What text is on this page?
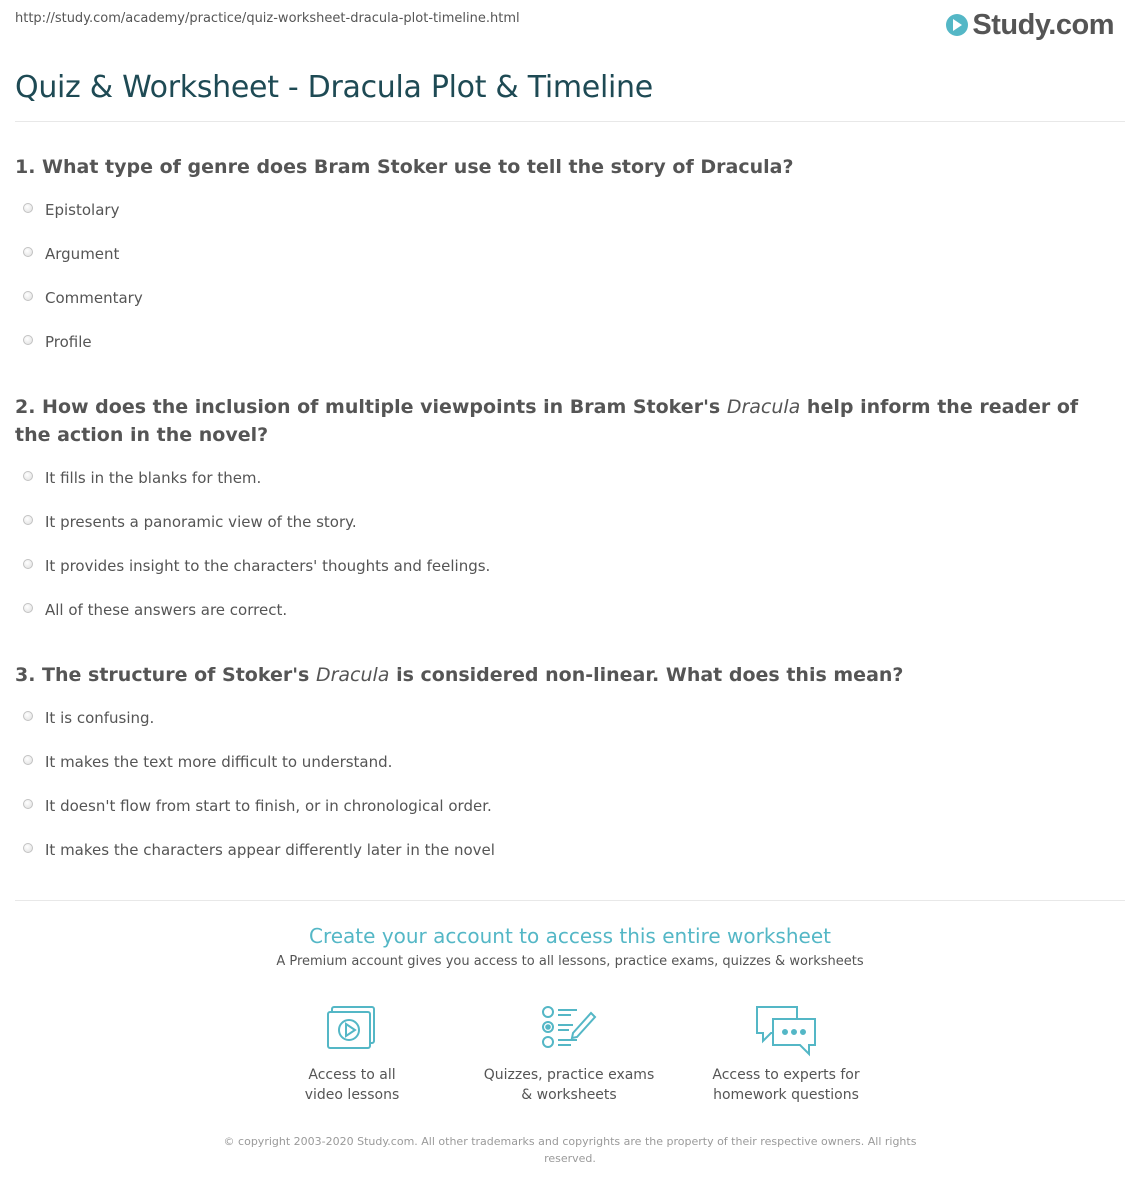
http://study.com/academy/practice/quiz-worksheet-dracula-plot-timeline.html	Study.com
Quiz & Worksheet - Dracula Plot & Timeline
1. What type of genre does Bram Stoker use to tell the story of Dracula?
Epistolary
Argument
Commentary
Profile
2. How does the inclusion of multiple viewpoints in Bram Stoker's Dracula help inform the reader of the action in the novel?
It fills in the blanks for them.
It presents a panoramic view of the story.
It provides insight to the characters' thoughts and feelings.
All of these answers are correct.
3. The structure of Stoker's Dracula is considered non-linear. What does this mean?
It is confusing.
It makes the text more difficult to understand.
It doesn't flow from start to finish, or in chronological order.
It makes the characters appear differently later in the novel
Create your account to access this entire worksheet
A Premium account gives you access to all lessons, practice exams, quizzes & worksheets
Access to all
video lessons
Quizzes, practice exams
& worksheets
Access to experts for
homework questions
© copyright 2003-2020 Study.com. All other trademarks and copyrights are the property of their respective owners. All rights
reserved.
